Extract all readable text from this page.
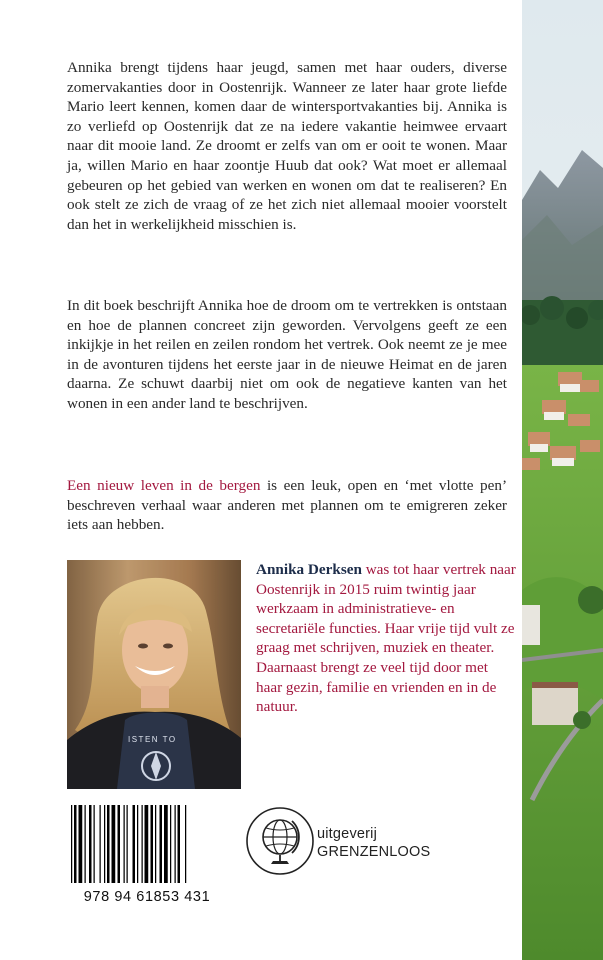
Annika brengt tijdens haar jeugd, samen met haar ouders, diverse zomervakanties door in Oostenrijk. Wanneer ze later haar grote liefde Mario leert kennen, komen daar de wintersportvakanties bij. Annika is zo verliefd op Oostenrijk dat ze na iedere vakantie heimwee ervaart naar dit mooie land. Ze droomt er zelfs van om er ooit te wonen. Maar ja, willen Mario en haar zoontje Huub dat ook? Wat moet er allemaal gebeuren op het gebied van werken en wonen om dat te realiseren? En ook stelt ze zich de vraag of ze het zich niet allemaal mooier voorstelt dan het in werkelijkheid misschien is.
In dit boek beschrijft Annika hoe de droom om te vertrekken is ontstaan en hoe de plannen concreet zijn geworden. Vervolgens geeft ze een inkijkje in het reilen en zeilen rondom het vertrek. Ook neemt ze je mee in de avonturen tijdens het eerste jaar in de nieuwe Heimat en de jaren daarna. Ze schuwt daarbij niet om ook de negatieve kanten van het wonen in een ander land te beschrijven.
Een nieuw leven in de bergen is een leuk, open en ‘met vlotte pen’ beschreven verhaal waar anderen met plannen om te emigreren zeker iets aan hebben.
ISTEN TO
Annika Derksen was tot haar vertrek naar Oostenrijk in 2015 ruim twintig jaar werkzaam in administratieve- en secretariële functies. Haar vrije tijd vult ze graag met schrijven, muziek en theater. Daarnaast brengt ze veel tijd door met haar gezin, familie en vrienden en in de natuur.
978 94 61853 431
uitgeverij
GRENZENLOOS
